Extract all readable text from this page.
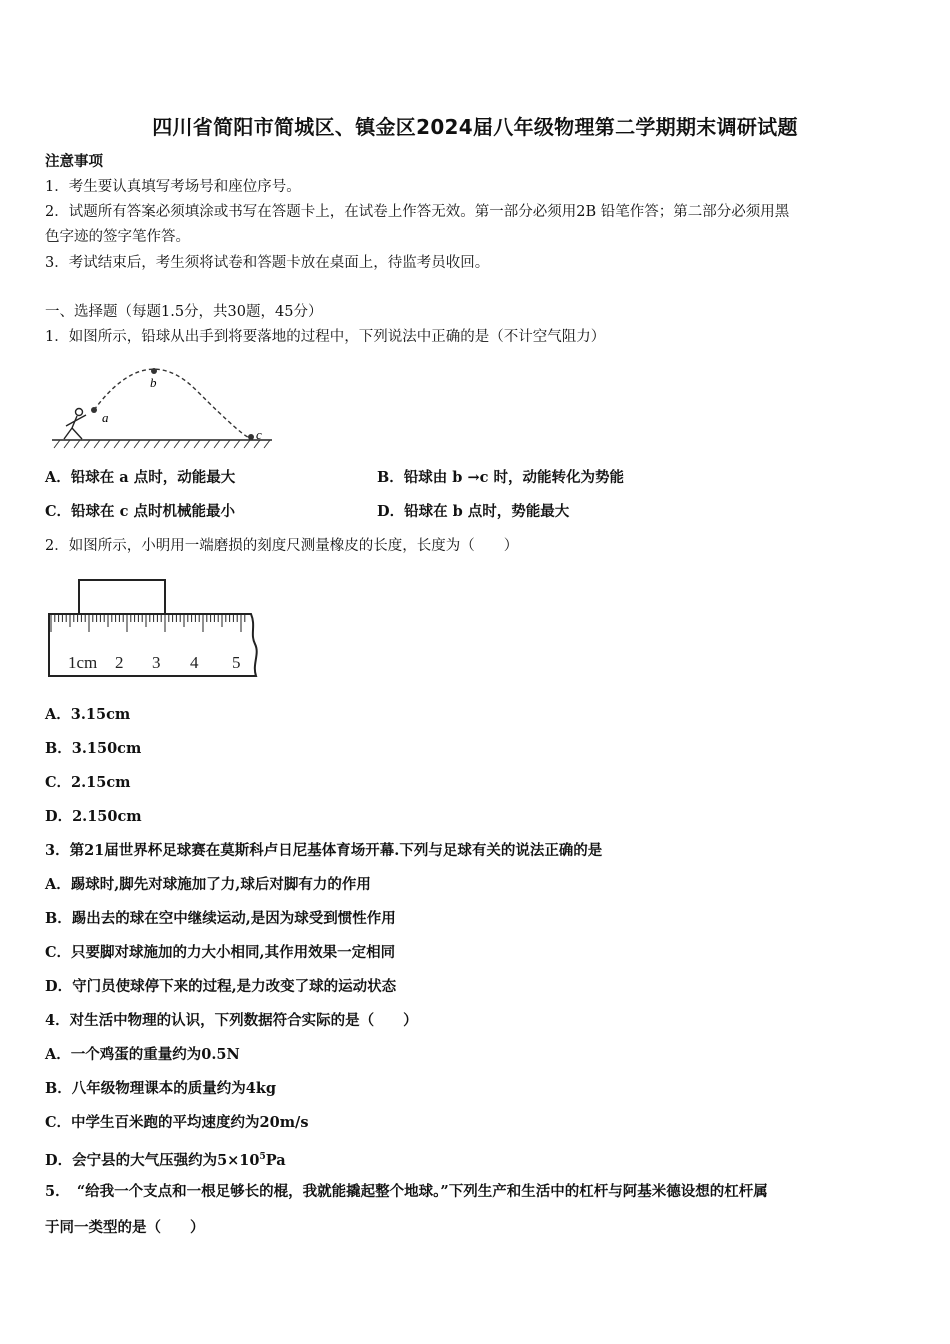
四川省简阳市简城区、镇金区2024届八年级物理第二学期期末调研试题
注意事项
1．考生要认真填写考场号和座位序号。
2．试题所有答案必须填涂或书写在答题卡上，在试卷上作答无效。第一部分必须用2B 铅笔作答；第二部分必须用黑
色字迹的签字笔作答。
3．考试结束后，考生须将试卷和答题卡放在桌面上，待监考员收回。
一、选择题（每题1.5分，共30题，45分）
1．如图所示，铅球从出手到将要落地的过程中，下列说法中正确的是（不计空气阻力）
a
b
c
A．铅球在 a 点时，动能最大	B．铅球由 b →c 时，动能转化为势能
C．铅球在 c 点时机械能最小	D．铅球在 b 点时，势能最大
2．如图所示，小明用一端磨损的刻度尺测量橡皮的长度，长度为（　　）
1cm 2 3 4 5
A．3.15cm
B．3.150cm
C．2.15cm
D．2.150cm
3．第21届世界杯足球赛在莫斯科卢日尼基体育场开幕.下列与足球有关的说法正确的是
A．踢球时,脚先对球施加了力,球后对脚有力的作用
B．踢出去的球在空中继续运动,是因为球受到惯性作用
C．只要脚对球施加的力大小相同,其作用效果一定相同
D．守门员使球停下来的过程,是力改变了球的运动状态
4．对生活中物理的认识，下列数据符合实际的是（　　）
A．一个鸡蛋的重量约为0.5N
B．八年级物理课本的质量约为4kg
C．中学生百米跑的平均速度约为20m/s
D．会宁县的大气压强约为$5\times 10^5Pa$
5．　“给我一个支点和一根足够长的棍，我就能撬起整个地球。”下列生产和生活中的杠杆与阿基米德设想的杠杆属
于同一类型的是（　　）
